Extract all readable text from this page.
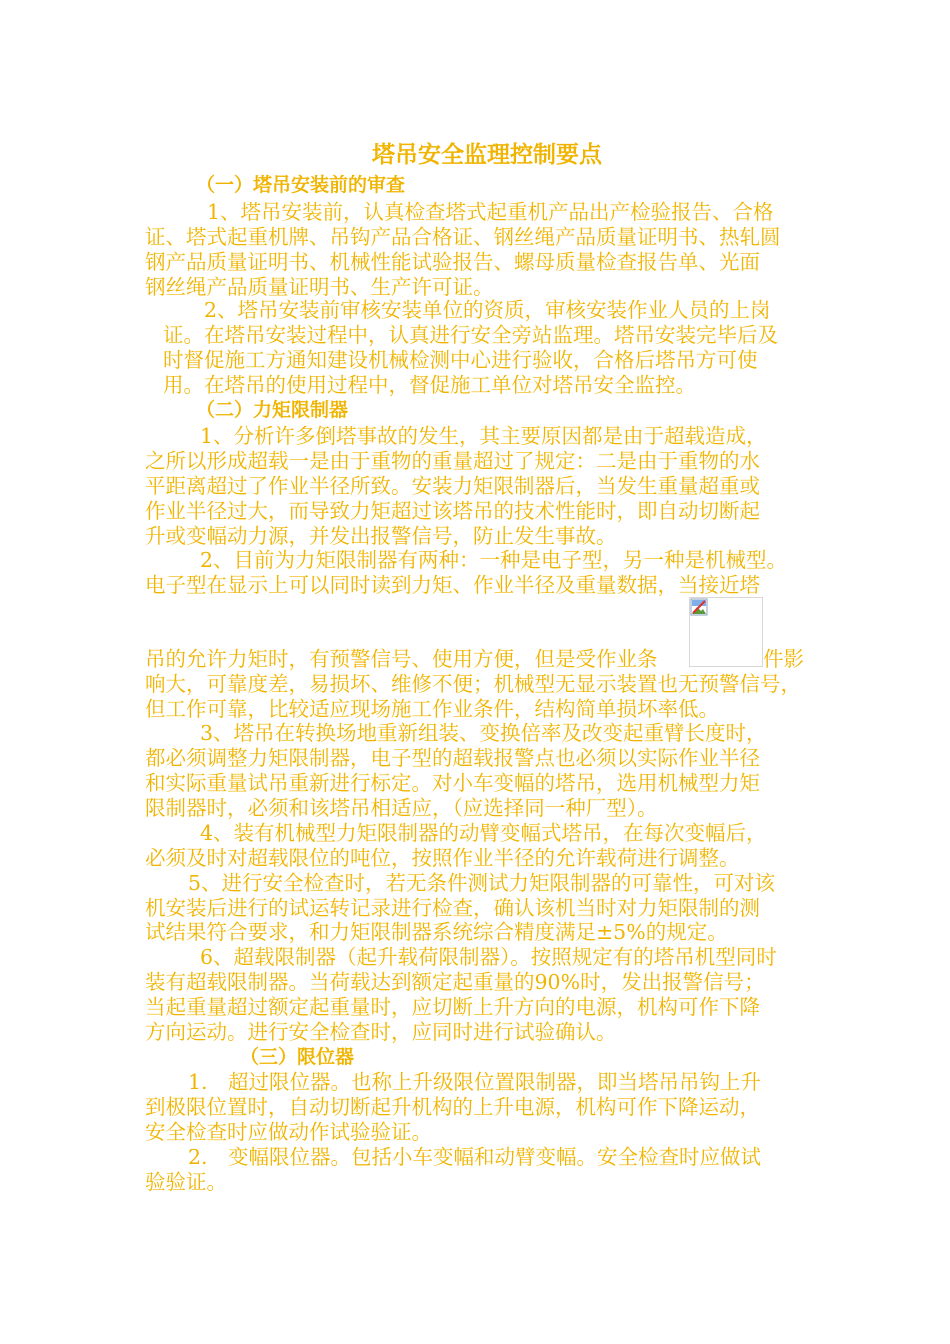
塔吊安全监理控制要点
（一）塔吊安装前的审查
1、塔吊安装前，认真检查塔式起重机产品出产检验报告、合格
证、塔式起重机牌、吊钩产品合格证、钢丝绳产品质量证明书、热轧圆
钢产品质量证明书、机械性能试验报告、螺母质量检查报告单、光面
钢丝绳产品质量证明书、生产许可证。
2、塔吊安装前审核安装单位的资质，审核安装作业人员的上岗
证。在塔吊安装过程中，认真进行安全旁站监理。塔吊安装完毕后及
时督促施工方通知建设机械检测中心进行验收，合格后塔吊方可使
用。在塔吊的使用过程中，督促施工单位对塔吊安全监控。
（二）力矩限制器
1、分析许多倒塔事故的发生，其主要原因都是由于超载造成，
之所以形成超载一是由于重物的重量超过了规定：二是由于重物的水
平距离超过了作业半径所致。安装力矩限制器后，当发生重量超重或
作业半径过大，而导致力矩超过该塔吊的技术性能时，即自动切断起
升或变幅动力源，并发出报警信号，防止发生事故。
2、目前为力矩限制器有两种：一种是电子型，另一种是机械型。
电子型在显示上可以同时读到力矩、作业半径及重量数据，当接近塔
吊的允许力矩时，有预警信号、使用方便，但是受作业条	件影
响大，可靠度差，易损坏、维修不便；机械型无显示装置也无预警信号，
但工作可靠，比较适应现场施工作业条件，结构简单损坏率低。
3、塔吊在转换场地重新组装、变换倍率及改变起重臂长度时，
都必须调整力矩限制器，电子型的超载报警点也必须以实际作业半径
和实际重量试吊重新进行标定。对小车变幅的塔吊，选用机械型力矩
限制器时，必须和该塔吊相适应，（应选择同一种厂型）。
4、装有机械型力矩限制器的动臂变幅式塔吊，在每次变幅后，
必须及时对超载限位的吨位，按照作业半径的允许载荷进行调整。
5、进行安全检查时，若无条件测试力矩限制器的可靠性，可对该
机安装后进行的试运转记录进行检查，确认该机当时对力矩限制的测
试结果符合要求，和力矩限制器系统综合精度满足±5%的规定。
6、超载限制器（起升载荷限制器）。按照规定有的塔吊机型同时
装有超载限制器。当荷载达到额定起重量的90%时，发出报警信号；
当起重量超过额定起重量时，应切断上升方向的电源，机构可作下降
方向运动。进行安全检查时，应同时进行试验确认。
（三）限位器
1.　超过限位器。也称上升级限位置限制器，即当塔吊吊钩上升
到极限位置时，自动切断起升机构的上升电源，机构可作下降运动，
安全检查时应做动作试验验证。
2.　变幅限位器。包括小车变幅和动臂变幅。安全检查时应做试
验验证。
